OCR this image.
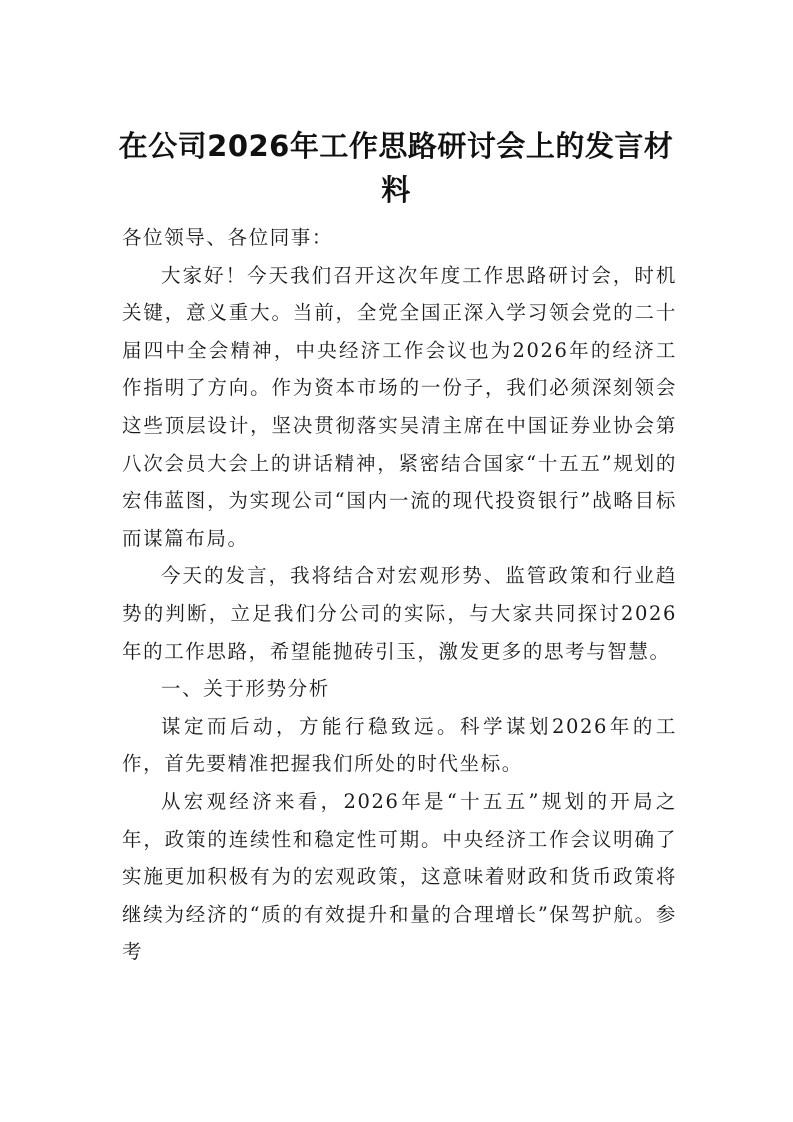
在公司2026年工作思路研讨会上的发言材料

各位领导、各位同事：

大家好！今天我们召开这次年度工作思路研讨会，时机关键，意义重大。当前，全党全国正深入学习领会党的二十届四中全会精神，中央经济工作会议也为2026年的经济工作指明了方向。作为资本市场的一份子，我们必须深刻领会这些顶层设计，坚决贯彻落实吴清主席在中国证券业协会第八次会员大会上的讲话精神，紧密结合国家“十五五”规划的宏伟蓝图，为实现公司“国内一流的现代投资银行”战略目标而谋篇布局。

今天的发言，我将结合对宏观形势、监管政策和行业趋势的判断，立足我们分公司的实际，与大家共同探讨2026年的工作思路，希望能抛砖引玉，激发更多的思考与智慧。

一、关于形势分析

谋定而后动，方能行稳致远。科学谋划2026年的工作，首先要精准把握我们所处的时代坐标。

从宏观经济来看，2026年是“十五五”规划的开局之年，政策的连续性和稳定性可期。中央经济工作会议明确了实施更加积极有为的宏观政策，这意味着财政和货币政策将继续为经济的“质的有效提升和量的合理增长”保驾护航。参考
